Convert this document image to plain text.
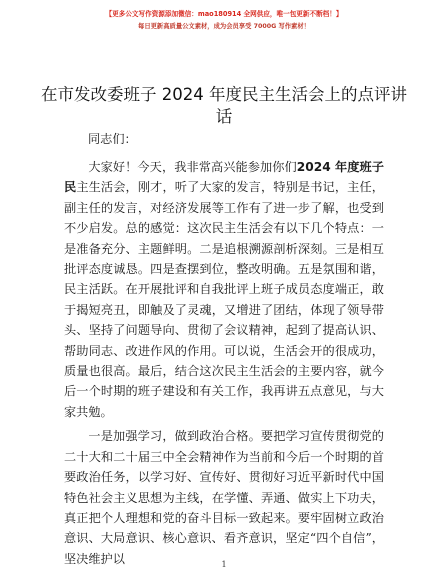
【更多公文写作资源添加微信：mao180914 全网供应，唯一包更新不断档！】
每日更新高质量公文素材，成为会员享受 7000G 写作素材！
在市发改委班子 2024 年度民主生活会上的点评讲话
同志们：

大家好！今天，我非常高兴能参加你们2024 年度班子民主生活会，刚才，听了大家的发言，特别是书记，主任，副主任的发言，对经济发展等工作有了进一步了解，也受到不少启发。总的感觉：这次民主生活会有以下几个特点：一是准备充分、主题鲜明。二是追根溯源剖析深刻。三是相互批评态度诚恳。四是查摆到位，整改明确。五是氛围和谐，民主活跃。在开展批评和自我批评上班子成员态度端正，敢于揭短亮丑，即触及了灵魂，又增进了团结，体现了领导带头、坚持了问题导向、贯彻了会议精神，起到了提高认识、帮助同志、改进作风的作用。可以说，生活会开的很成功，质量也很高。最后，结合这次民主生活会的主要内容，就今后一个时期的班子建设和有关工作，我再讲五点意见，与大家共勉。

一是加强学习，做到政治合格。要把学习宣传贯彻党的二十大和二十届三中全会精神作为当前和今后一个时期的首要政治任务，以学习好、宣传好、贯彻好习近平新时代中国特色社会主义思想为主线，在学懂、弄通、做实上下功夫，真正把个人理想和党的奋斗目标一致起来。要牢固树立政治意识、大局意识、核心意识、看齐意识，坚定“四个自信”，坚决维护以	1
